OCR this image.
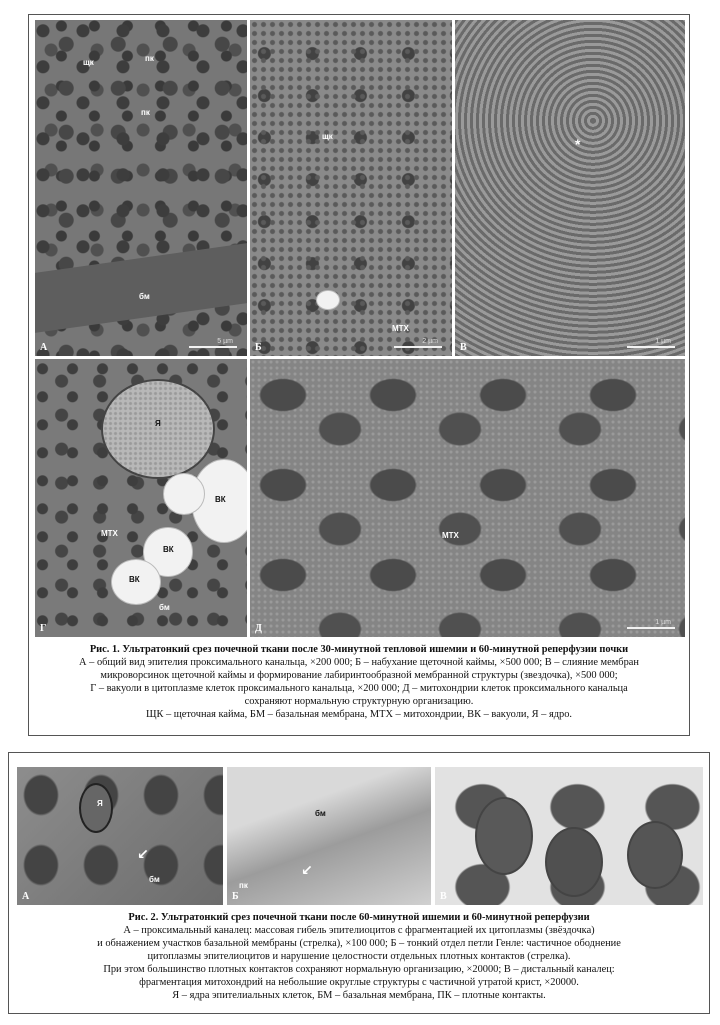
щк	пк
пк
бм
А
5 µm
щк
МТХ
Б
2 µm
*
В
1 µm
Я
ВК
МТХ
ВК
ВК
бм
Г
МТХ
Д
1 µm
Рис. 1. Ультратонкий срез почечной ткани после 30-минутной тепловой ишемии и 60-минутной реперфузии почки
А – общий вид эпителия проксимального канальца, ×200 000; Б – набухание щеточной каймы, ×500 000; В – слияние мембран
микроворсинок щеточной каймы и формирование лабиринтообразной мембранной структуры (звездочка), ×500 000;
Г – вакуоли в цитоплазме клеток проксимального канальца, ×200 000; Д – митохондрии клеток проксимального канальца
сохраняют нормальную структурную организацию.
ЩК – щеточная кайма, БМ – базальная мембрана, МТХ – митохондрии, ВК – вакуоли, Я – ядро.
Я
↙
бм
А
бм
↙
пк
Б	В
Рис. 2. Ультратонкий срез почечной ткани после 60-минутной ишемии и 60-минутной реперфузии
А – проксимальный каналец: массовая гибель эпителиоцитов с фрагментацией их цитоплазмы (звёздочка)
и обнажением участков базальной мембраны (стрелка), ×100 000; Б – тонкий отдел петли Генле: частичное ободнение
цитоплазмы эпителиоцитов и нарушение целостности отдельных плотных контактов (стрелка).
При этом большинство плотных контактов сохраняют нормальную организацию, ×20000; В – дистальный каналец:
фрагментация митохондрий на небольшие округлые структуры с частичной утратой крист, ×20000.
Я – ядра эпителиальных клеток, БМ – базальная мембрана, ПК – плотные контакты.
